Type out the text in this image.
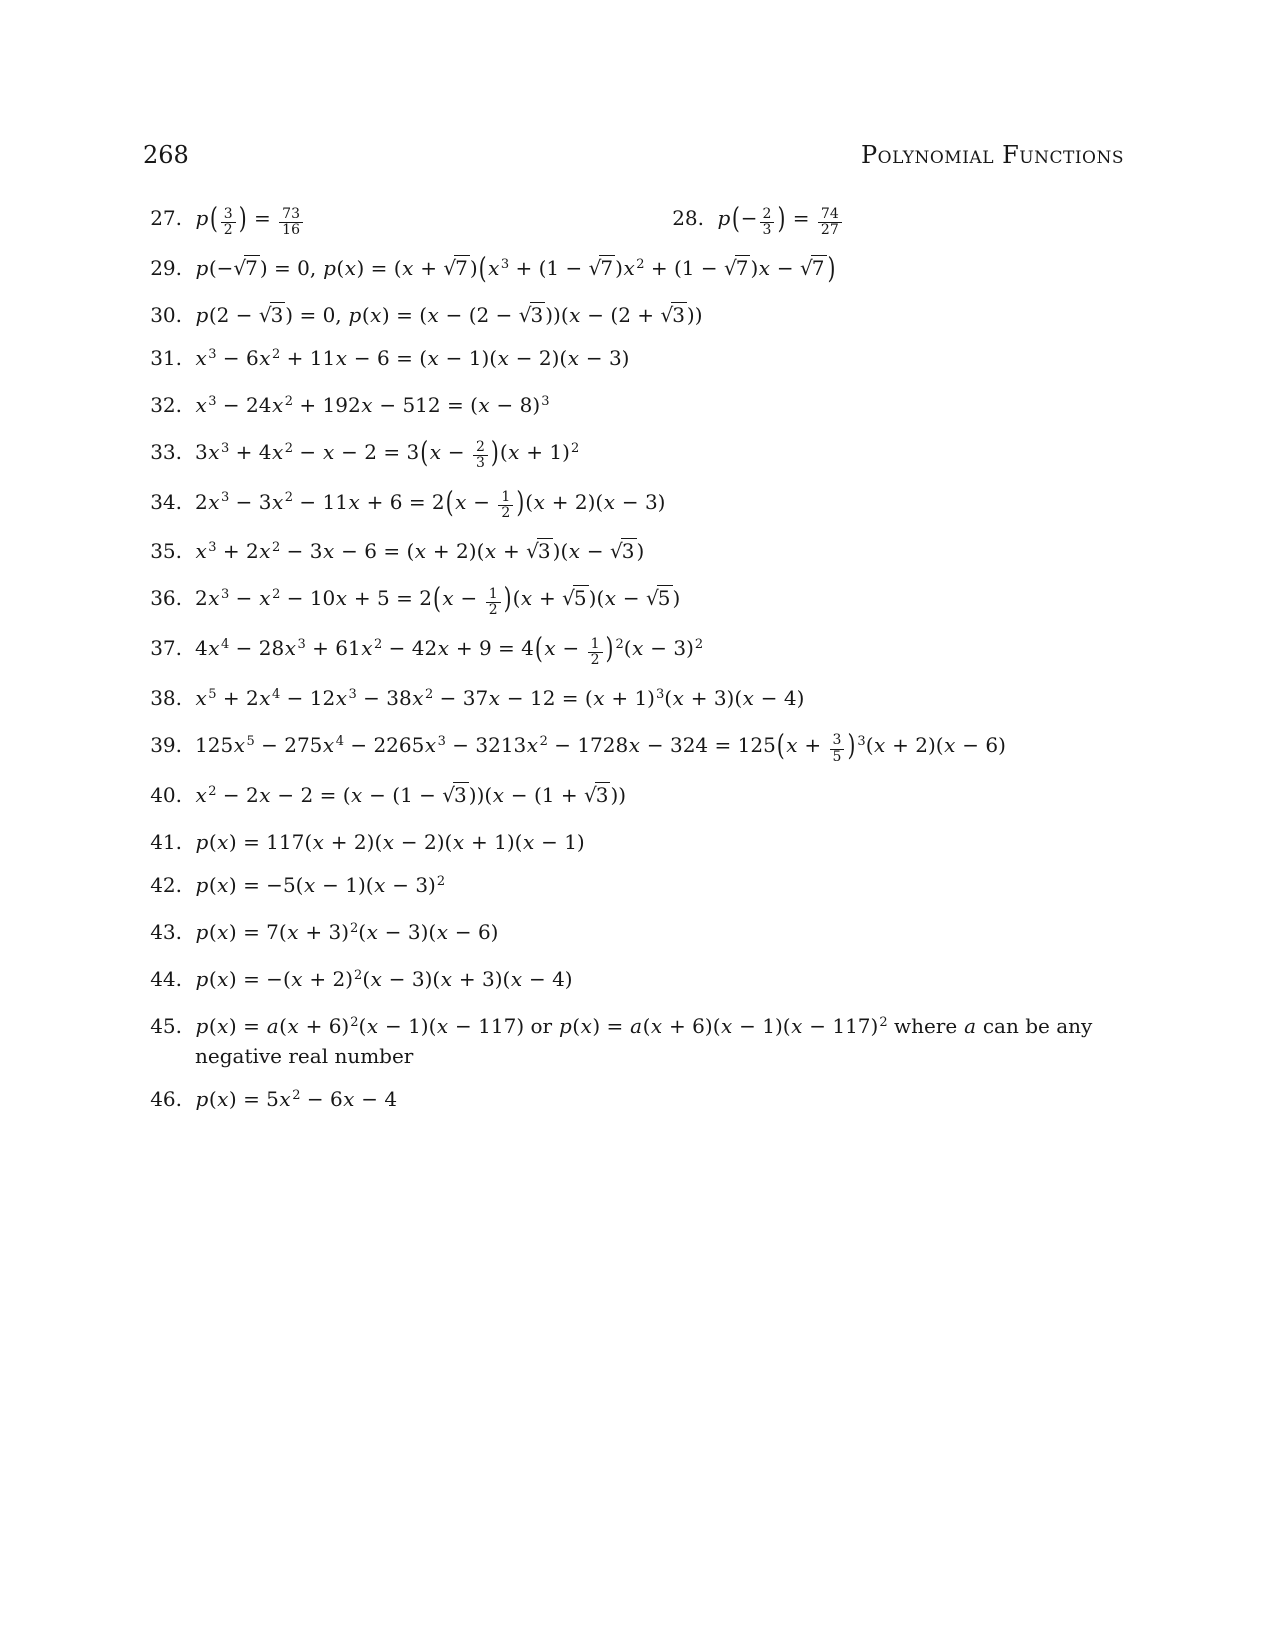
268	Polynomial Functions
27. $p( \frac{3}{2}$ ) = $\frac{73}{16}$	28. $p(- \frac{2}{3}$ ) = $\frac{74}{27}$
29. p(−√7 ) = 0, p(x) = (x + √7 )(x $^3$ + (1 − √7 )x $^2$ + (1 − √7 )x − √7 )
30. p(2 − √3 ) = 0, p(x) = (x − (2 − √3 ))(x − (2 + √3 ))
31. x $^3$ − 6x $^2$ + 11x − 6 = (x − 1)(x − 2)(x − 3)
32. x $^3$ − 24x $^2 + 192x - 512 = (x - 8)^3$
33. 3x $^3$ + 4x $^2 - x - 2 = 3(x - \frac{2}{3} )(x + 1)^2$
34. 2x $^3$ − 3x $^2 - 11x + 6 = 2(x - \frac{1}{2} )(x + 2)(x - 3)$
35. x $^3$ + 2x $^2$ − 3x − 6 = (x + 2)(x + √3 )(x − √3 )
36. 2x $^3$ − x $^2 - 10x + 5 = 2(x - \frac{1}{2} )(x + √5$ )(x − √5 )
37. 4x $^4$ − 28x $^3$ + 61x $^2 - 42x + 9 = 4(x - \frac{1}{2}$ ) $^2(x - 3)^2$
38. x $^5$ + 2x $^4$ − 12x $^3$ − 38x $^2 - 37x - 12 = (x + 1)^3(x + 3)(x - 4)$
39. 125x $^5$ − 275x $^4$ − 2265x $^3$ − 3213x $^2 - 1728x - 324 = 125(x + \frac{3}{5}$ ) $^3$(x + 2)(x − 6)
40. x $^2$ − 2x − 2 = (x − (1 − √3 ))(x − (1 + √3 ))
41. p(x) = 117(x + 2)(x − 2)(x + 1)(x − 1)
42. $p(x) = -5(x - 1)(x - 3)^2$
43. $p(x) = 7(x + 3)^2(x - 3)(x - 6)$
44. $p(x) = -(x + 2)^2(x - 3)(x + 3)(x - 4)$
45. $p(x) = a(x + 6)^2(x - 1)(x - 117)$ or $p(x) = a(x + 6)(x - 1)(x - 117)^2$ where a can be any
negative real number
46. p(x) = 5x $^2$ − 6x − 4
